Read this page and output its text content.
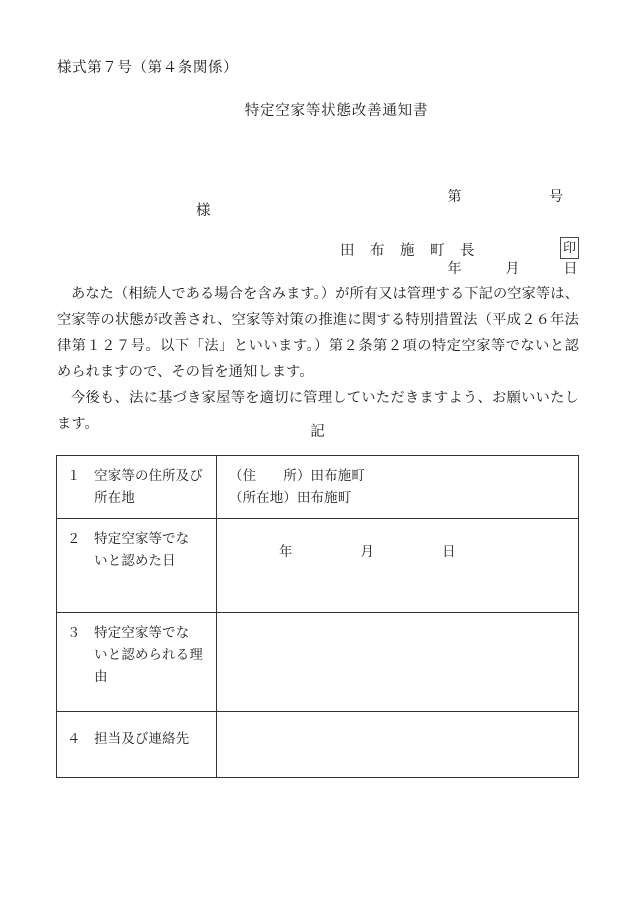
様式第７号（第４条関係）
特定空家等状態改善通知書

第　　　　　　号

年　　　月　　　日

様
田　布　施　町　長	印

あなた（相続人である場合を含みます。）が所有又は管理する下記の空家等は、空家等の状態が改善され、空家等対策の推進に関する特別措置法（平成２６年法律第１２７号。以下「法」といいます。）第２条第２項の特定空家等でないと認められますので、その旨を通知します。

今後も、法に基づき家屋等を適切に管理していただきますよう、お願いいたします。	記
１　空家等の住所及び
　　所在地	（住　　所）田布施町
（所在地）田布施町

２　特定空家等でな
　　いと認めた日	年　　　　　月　　　　　日

３　特定空家等でな
　　いと認められる理
　　由	

４　担当及び連絡先	
